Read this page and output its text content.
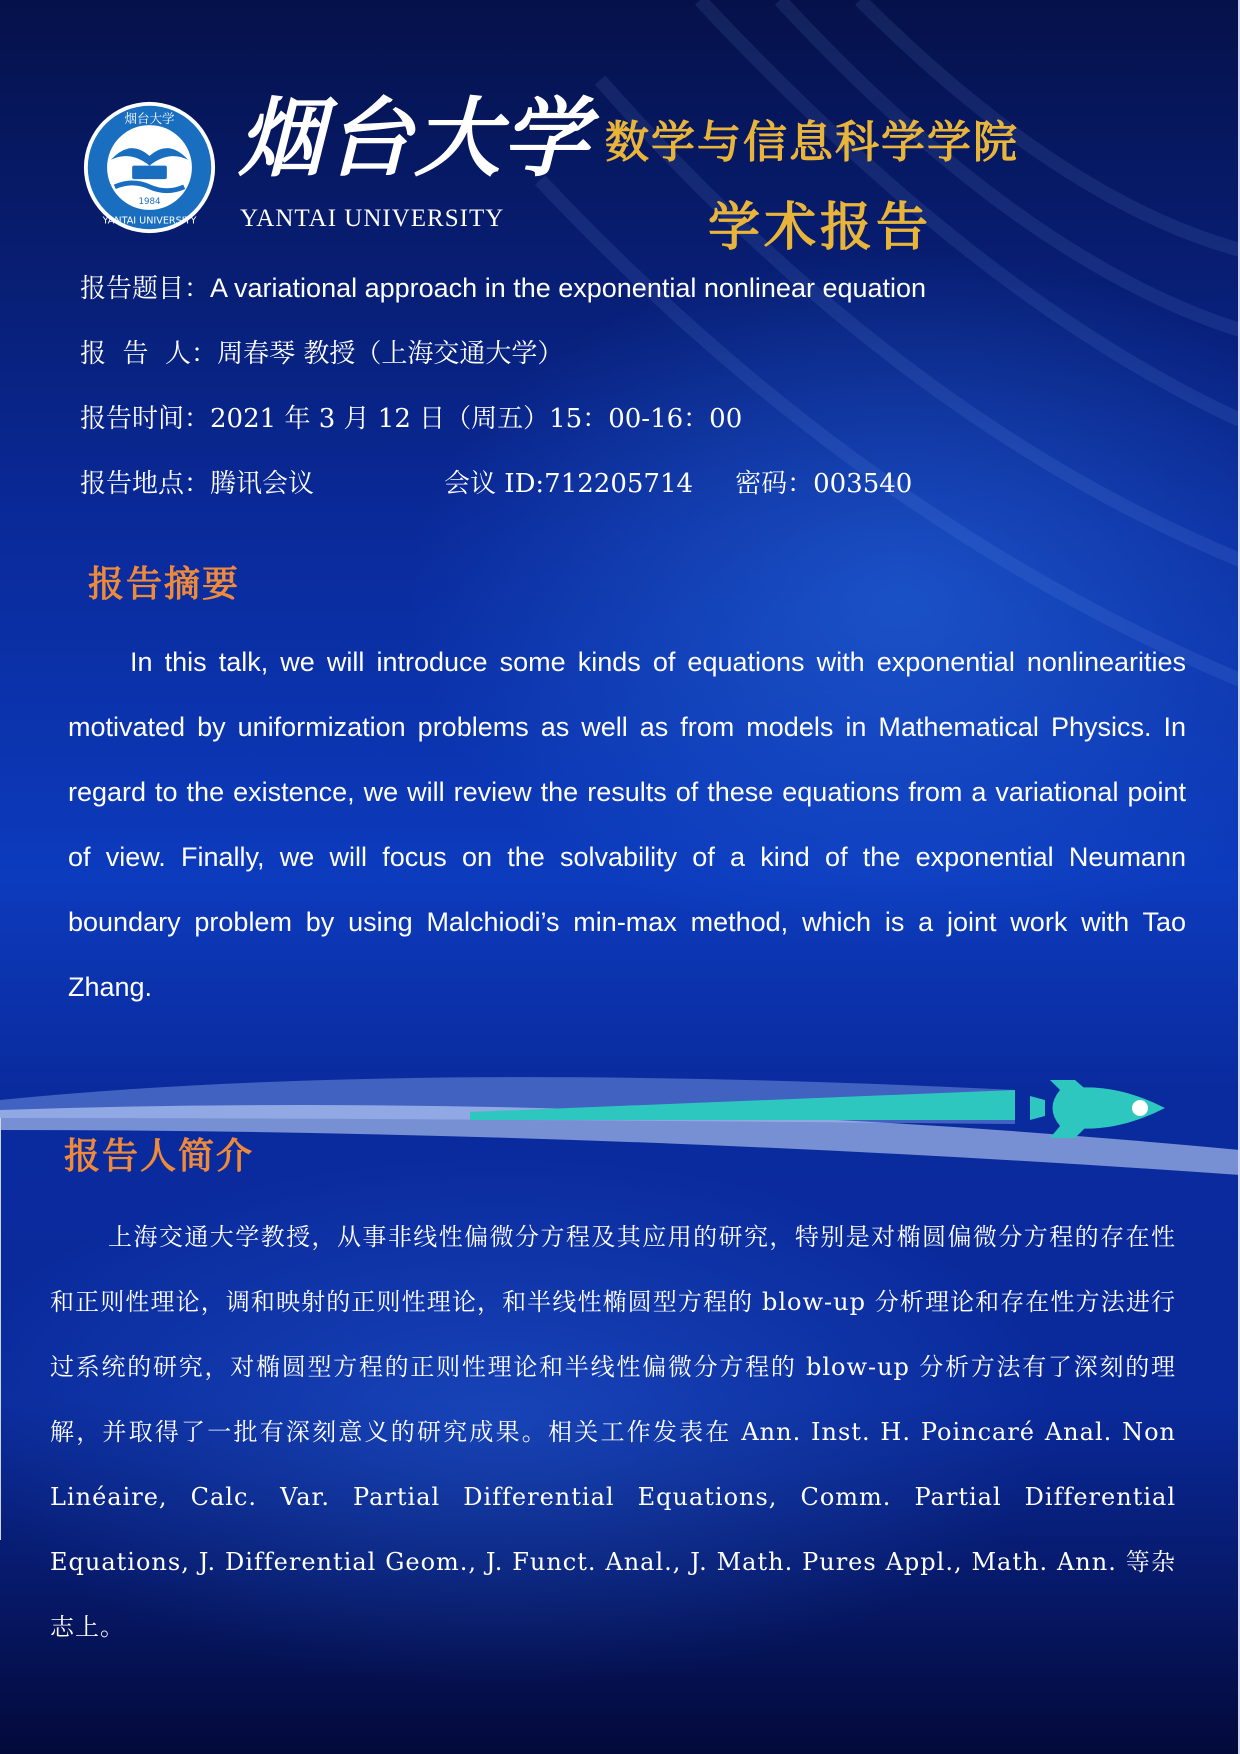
烟台大学
1984
YANTAI UNIVERSITY
烟台大学
YANTAI UNIVERSITY
数学与信息科学学院
学术报告
报告题目：A variational approach in the exponential nonlinear equation
报  告  人：周春琴 教授（上海交通大学）
报告时间：2021 年 3 月 12 日（周五）15：00-16：00
报告地点：腾讯会议	会议 ID:712205714 密码：003540
报告摘要

In this talk, we will introduce some kinds of equations with exponential nonlinearities motivated by uniformization problems as well as from models in Mathematical Physics. In regard to the existence, we will review the results of these equations from a variational point of view. Finally, we will focus on the solvability of a kind of the exponential Neumann boundary problem by using Malchiodi’s min-max method, which is a joint work with Tao Zhang.

报告人简介

上海交通大学教授，从事非线性偏微分方程及其应用的研究，特别是对椭圆偏微分方程的存在性和正则性理论，调和映射的正则性理论，和半线性椭圆型方程的 blow-up 分析理论和存在性方法进行过系统的研究，对椭圆型方程的正则性理论和半线性偏微分方程的 blow-up 分析方法有了深刻的理解，并取得了一批有深刻意义的研究成果。相关工作发表在 Ann. Inst. H. Poincaré Anal. Non Linéaire, Calc. Var. Partial Differential Equations, Comm. Partial Differential Equations, J. Differential Geom., J. Funct. Anal., J. Math. Pures Appl., Math. Ann. 等杂志上。
